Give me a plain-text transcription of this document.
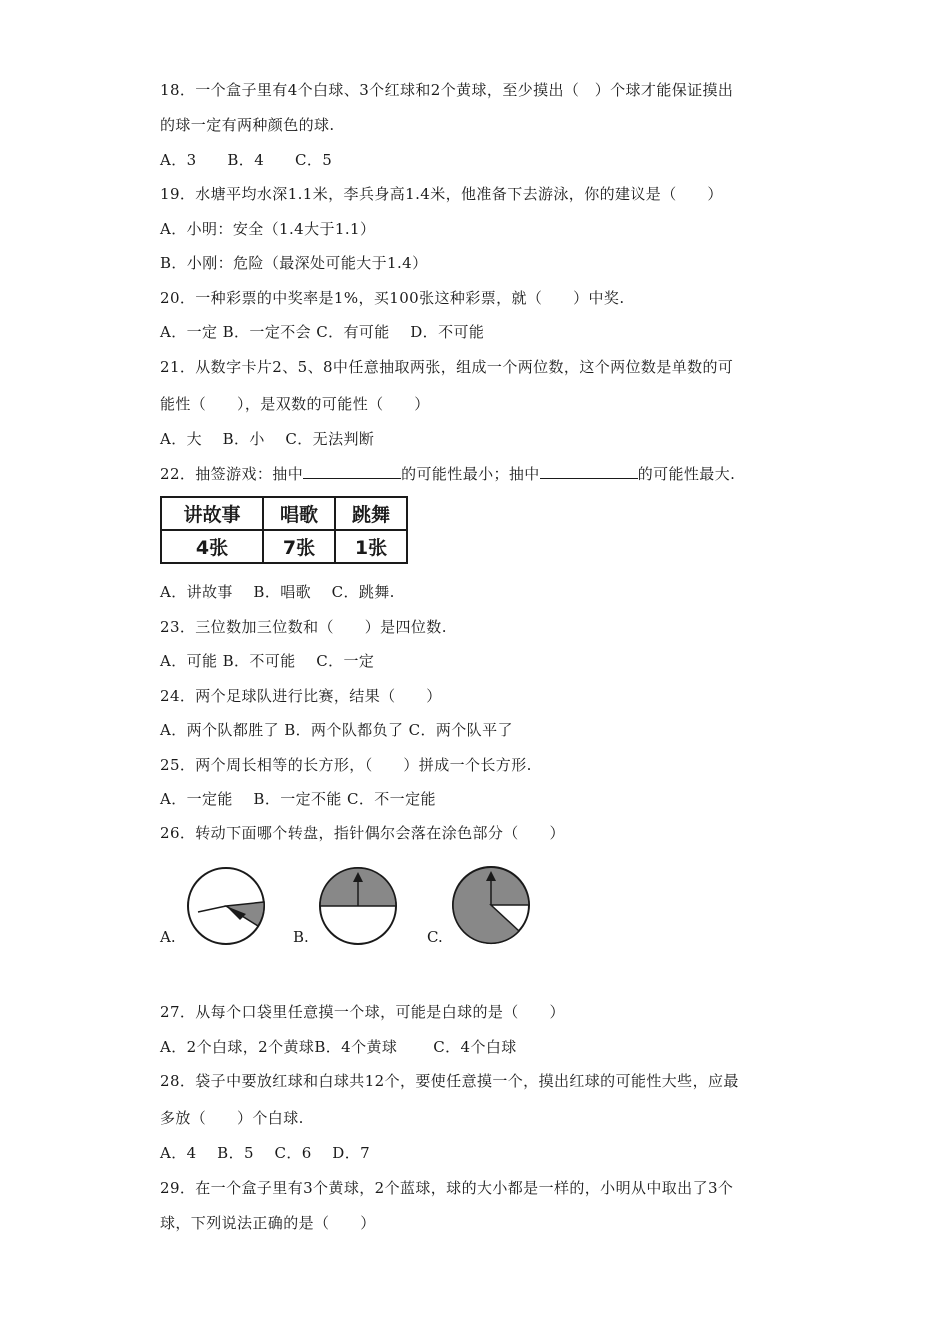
18．一个盒子里有4个白球、3个红球和2个黄球，至少摸出（　）个球才能保证摸出
的球一定有两种颜色的球.
A．3　　B．4　　C．5
19．水塘平均水深1.1米，李兵身高1.4米，他准备下去游泳，你的建议是（　　）
A．小明：安全（1.4大于1.1）
B．小刚：危险（最深处可能大于1.4）
20．一种彩票的中奖率是1%，买100张这种彩票，就（　　）中奖.
A．一定 B．一定不会 C．有可能　 D．不可能
21．从数字卡片2、5、8中任意抽取两张，组成一个两位数，这个两位数是单数的可
能性（　　），是双数的可能性（　　）
A．大　 B．小　 C．无法判断
22．抽签游戏：抽中	的可能性最小；抽中	的可能性最大.
讲故事	唱歌	跳舞
4张	7张	1张
A．讲故事　 B．唱歌　 C．跳舞.
23．三位数加三位数和（　　）是四位数.
A．可能 B．不可能　 C．一定
24．两个足球队进行比赛，结果（　　）
A．两个队都胜了 B．两个队都负了 C．两个队平了
25．两个周长相等的长方形，（　　）拼成一个长方形.
A．一定能　 B．一定不能 C．不一定能
26．转动下面哪个转盘，指针偶尔会落在涂色部分（　　）
A.	B.	C.
27．从每个口袋里任意摸一个球，可能是白球的是（　　）
A．2个白球，2个黄球B．4个黄球　　 C．4个白球
28．袋子中要放红球和白球共12个，要使任意摸一个，摸出红球的可能性大些，应最
多放（　　）个白球.
A．4　 B．5　 C．6　 D．7
29．在一个盒子里有3个黄球，2个蓝球，球的大小都是一样的，小明从中取出了3个
球，下列说法正确的是（　　）
